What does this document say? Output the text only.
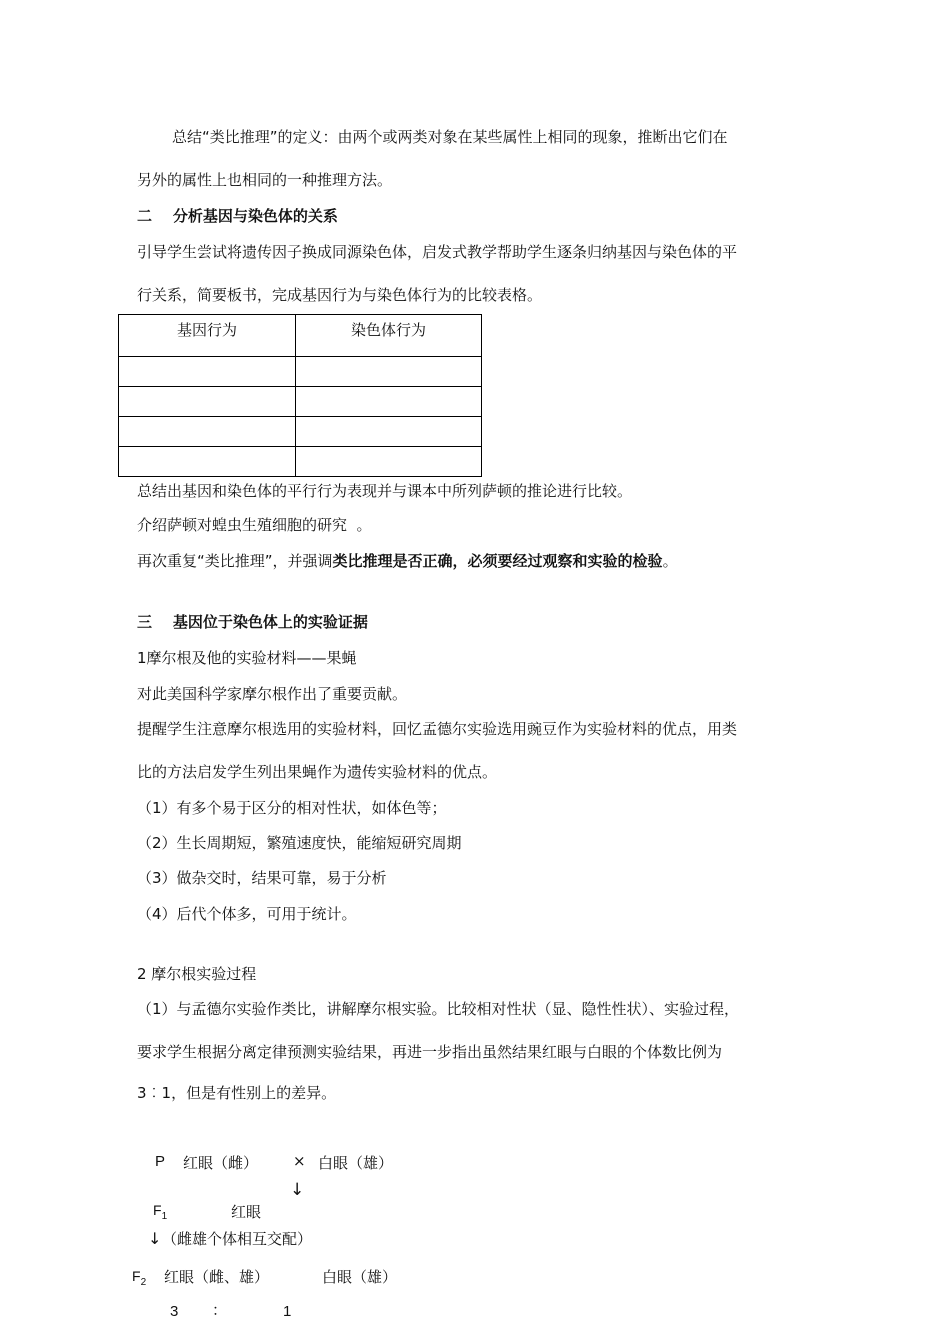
总结“类比推理”的定义：由两个或两类对象在某些属性上相同的现象，推断出它们在
另外的属性上也相同的一种推理方法。
二    分析基因与染色体的关系
引导学生尝试将遗传因子换成同源染色体，启发式教学帮助学生逐条归纳基因与染色体的平
行关系，简要板书，完成基因行为与染色体行为的比较表格。
基因行为	染色体行为

总结出基因和染色体的平行行为表现并与课本中所列萨顿的推论进行比较。
介绍萨顿对蝗虫生殖细胞的研究  。
再次重复“类比推理”，并强调类比推理是否正确，必须要经过观察和实验的检验。
三    基因位于染色体上的实验证据
1摩尔根及他的实验材料——果蝇
对此美国科学家摩尔根作出了重要贡献。
提醒学生注意摩尔根选用的实验材料，回忆孟德尔实验选用豌豆作为实验材料的优点，用类
比的方法启发学生列出果蝇作为遗传实验材料的优点。
（1）有多个易于区分的相对性状，如体色等；
（2）生长周期短，繁殖速度快，能缩短研究周期
（3）做杂交时，结果可靠，易于分析
（4）后代个体多，可用于统计。
2 摩尔根实验过程
（1）与孟德尔实验作类比，讲解摩尔根实验。比较相对性状（显、隐性性状）、实验过程，
要求学生根据分离定律预测实验结果，再进一步指出虽然结果红眼与白眼的个体数比例为
3︰1，但是有性别上的差异。
P 红眼（雌） × 白眼（雄）
↓
$F_1$	红眼
↓ （雌雄个体相互交配）
$F_2$ 红眼（雌、雄）	白眼（雄）
3 ：	1
